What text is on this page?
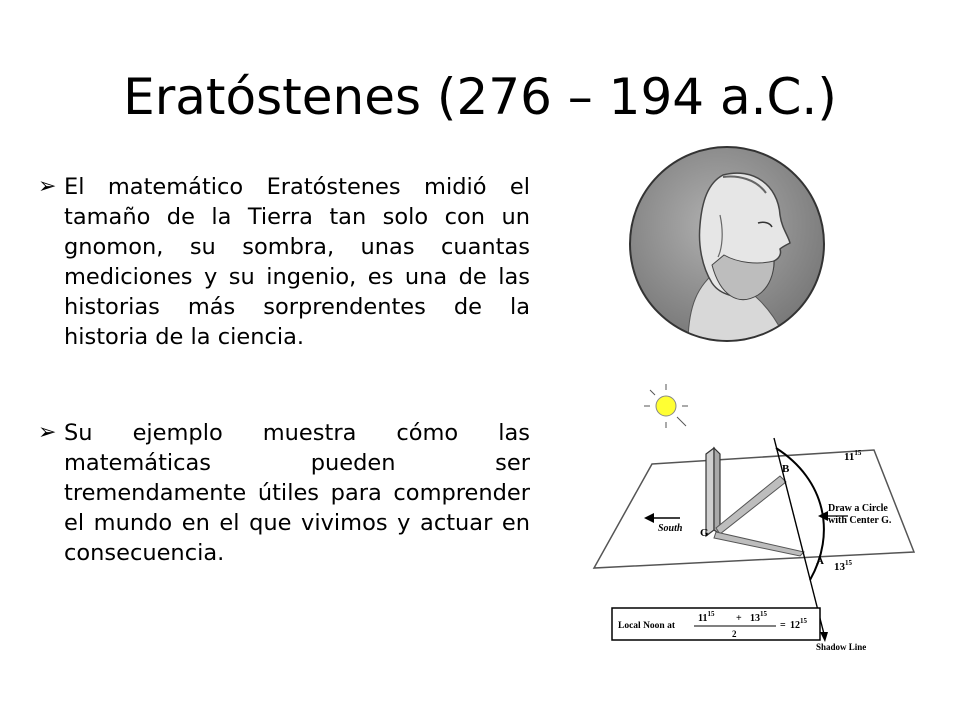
Eratóstenes (276 – 194 a.C.)
➢ El matemático Eratóstenes midió el tamaño de la Tierra tan solo con un gnomon, su sombra, unas cuantas mediciones y su ingenio, es una de las historias más sorprendentes de la historia de la ciencia.
➢ Su ejemplo muestra cómo las matemáticas pueden ser tremendamente útiles para comprender el mundo en el que vivimos y actuar en consecuencia.
South
Draw a Circle
with Center G.
B
G
A
$11^{15}$
$13^{15}$
Local Noon at
$11^{15} + 13^{15}$
2
= $12^{15}$
Shadow Line
